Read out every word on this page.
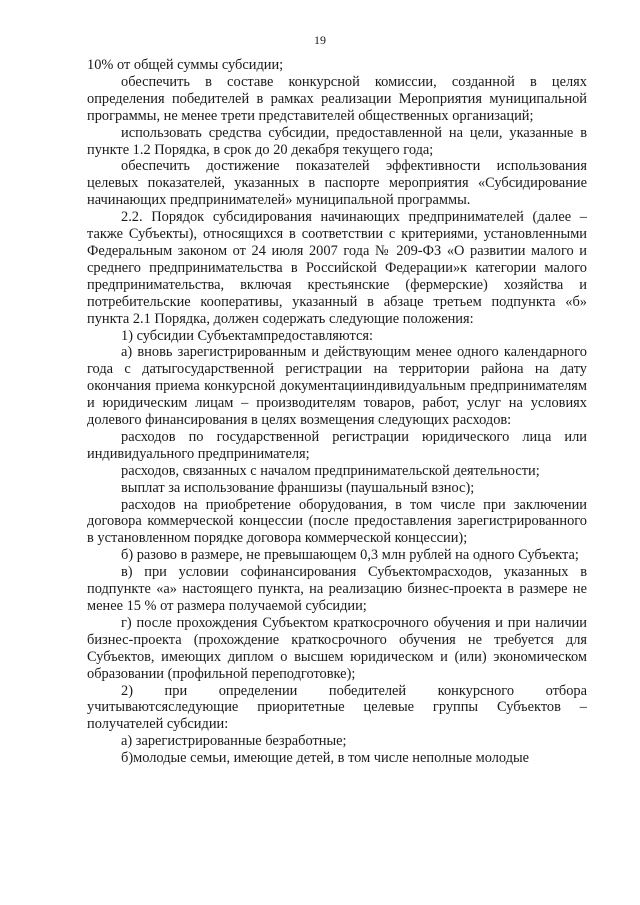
19

10% от общей суммы субсидии;

обеспечить в составе конкурсной комиссии, созданной в целях определения победителей в рамках реализации Мероприятия муниципальной программы, не менее трети представителей общественных организаций;

использовать средства субсидии, предоставленной на цели, указанные в пункте 1.2 Порядка, в срок до 20 декабря текущего года;

обеспечить достижение показателей эффективности использования целевых показателей, указанных в паспорте мероприятия «Субсидирование начинающих предпринимателей» муниципальной программы.

2.2. Порядок субсидирования начинающих предпринимателей (далее – также Субъекты), относящихся в соответствии с критериями, установленными Федеральным законом от 24 июля 2007 года № 209-ФЗ «О развитии малого и среднего предпринимательства в Российской Федерации»к категории малого предпринимательства, включая крестьянские (фермерские) хозяйства и потребительские кооперативы, указанный в абзаце третьем подпункта «б» пункта 2.1 Порядка, должен содержать следующие положения:

1) субсидии Субъектампредоставляются:

а) вновь зарегистрированным и действующим менее одного календарного года с датыгосударственной регистрации на территории района на дату окончания приема конкурсной документацииндивидуальным предпринимателям и юридическим лицам – производителям товаров, работ, услуг на условиях долевого финансирования в целях возмещения следующих расходов:

расходов по государственной регистрации юридического лица или индивидуального предпринимателя;

расходов, связанных с началом предпринимательской деятельности;

выплат за использование франшизы (паушальный взнос);

расходов на приобретение оборудования, в том числе при заключении договора коммерческой концессии (после предоставления зарегистрированного в установленном порядке договора коммерческой концессии);

б) разово в размере, не превышающем 0,3 млн рублей на одного Субъекта;

в) при условии софинансирования Субъектомрасходов, указанных в подпункте «а» настоящего пункта, на реализацию бизнес-проекта в размере не менее 15 % от размера получаемой субсидии;

г) после прохождения Субъектом краткосрочного обучения и при наличии бизнес-проекта (прохождение краткосрочного обучения не требуется для Субъектов, имеющих диплом о высшем юридическом и (или) экономическом образовании (профильной переподготовке);

2) при определении победителей конкурсного отбора учитываютсяследующие приоритетные целевые группы Субъектов – получателей субсидии:

а) зарегистрированные безработные;

б)молодые семьи, имеющие детей, в том числе неполные молодые
